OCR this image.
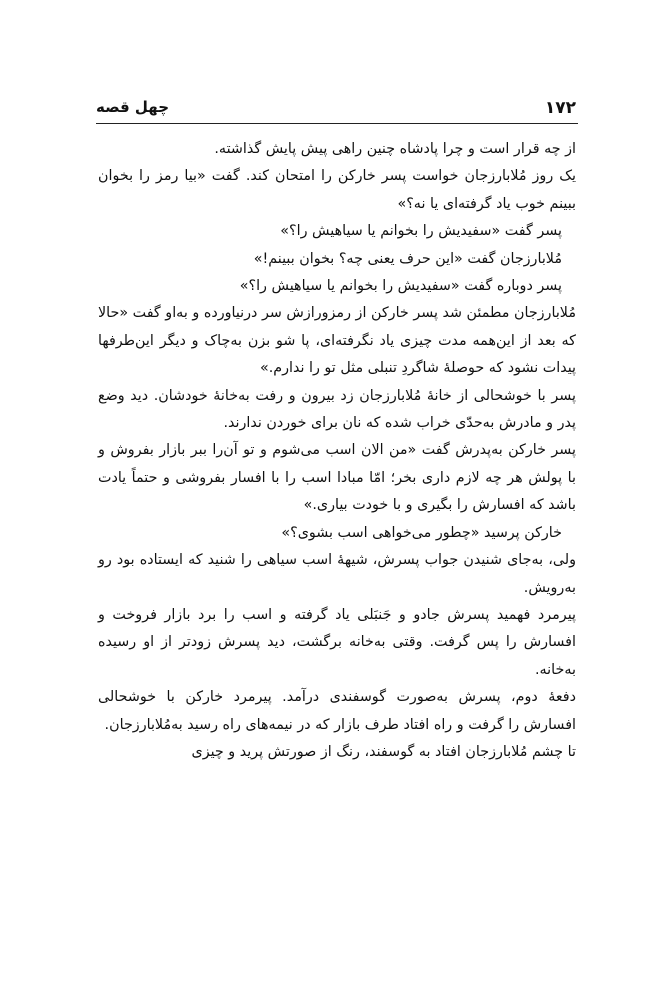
۱۷۲
چهل قصه

از چه قرار است و چرا پادشاه چنین راهی پیش پایش گذاشته.

یک روز مُلابارزجان خواست پسر خارکن را امتحان کند. گفت «بیا رمز را بخوان ببینم خوب یاد گرفته‌ای یا نه؟»

پسر گفت «سفیدیش را بخوانم یا سیاهیش را؟»

مُلابارزجان گفت «این حرف یعنی چه؟ بخوان ببینم!»

پسر دوباره گفت «سفیدیش را بخوانم یا سیاهیش را؟»

مُلابارزجان مطمئن شد پسر خارکن از رمزورازش سر درنیاورده و به‌او گفت «حالا که بعد از این‌همه مدت چیزی یاد نگرفته‌ای، پا شو بزن به‌چاک و دیگر این‌طرفها پیدات نشود که حوصلهٔ شاگردِ تنبلی مثل تو را ندارم.»

پسر با خوشحالی از خانهٔ مُلابارزجان زد بیرون و رفت به‌خانهٔ خودشان. دید وضع پدر و مادرش به‌حدّی خراب شده که نان برای خوردن ندارند.

پسر خارکن به‌پدرش گفت «من الان اسب می‌شوم و تو آن‌را ببر بازار بفروش و با پولش هر چه لازم داری بخر؛ امّا مبادا اسب را با افسار بفروشی و حتماً یادت باشد که افسارش را بگیری و با خودت بیاری.»

خارکن پرسید «چطور می‌خواهی اسب بشوی؟»

ولی، به‌جای شنیدن جواب پسرش، شیههٔ اسب سیاهی را شنید که ایستاده بود رو به‌رویش.

پیرمرد فهمید پسرش جادو و جَنبَلی یاد گرفته و اسب را برد بازار فروخت و افسارش را پس گرفت. وقتی به‌خانه برگشت، دید پسرش زودتر از او رسیده به‌خانه.

دفعهٔ دوم، پسرش به‌صورت گوسفندی درآمد. پیرمرد خارکن با خوشحالی افسارش را گرفت و راه افتاد طرف بازار که در نیمه‌های راه رسید به‌مُلابارزجان.

تا چشم مُلابارزجان افتاد به گوسفند، رنگ از صورتش پرید و چیزی
